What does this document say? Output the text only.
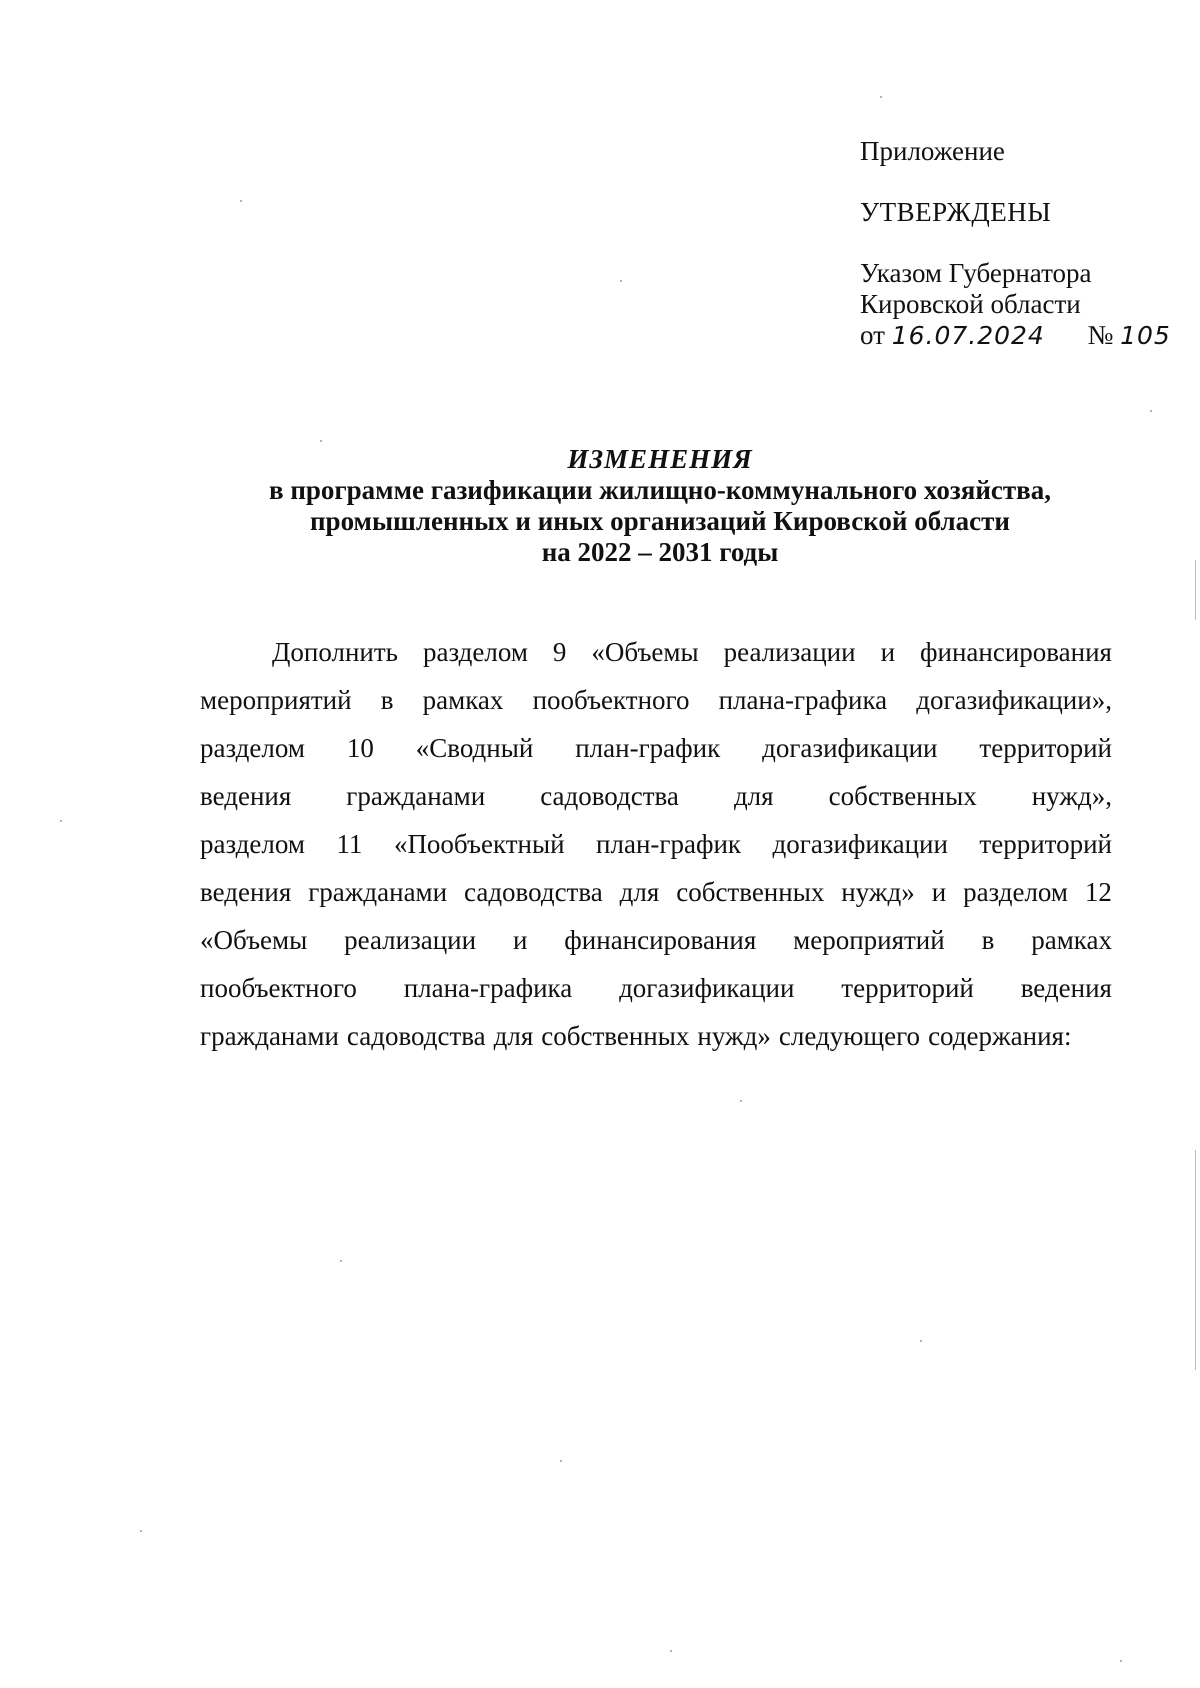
Приложение
УТВЕРЖДЕНЫ
Указом Губернатора
Кировской области
от 16.07.2024 № 105
ИЗМЕНЕНИЯ
в программе газификации жилищно-коммунального хозяйства,
промышленных и иных организаций Кировской области
на 2022 – 2031 годы
Дополнить разделом 9 «Объемы реализации и финансирования
мероприятий в рамках пообъектного плана-графика догазификации»,
разделом 10 «Сводный план-график догазификации территорий
ведения гражданами садоводства для собственных нужд»,
разделом 11 «Пообъектный план-график догазификации территорий
ведения гражданами садоводства для собственных нужд» и разделом 12
«Объемы реализации и финансирования мероприятий в рамках
пообъектного плана-графика догазификации территорий ведения
гражданами садоводства для собственных нужд» следующего содержания:
